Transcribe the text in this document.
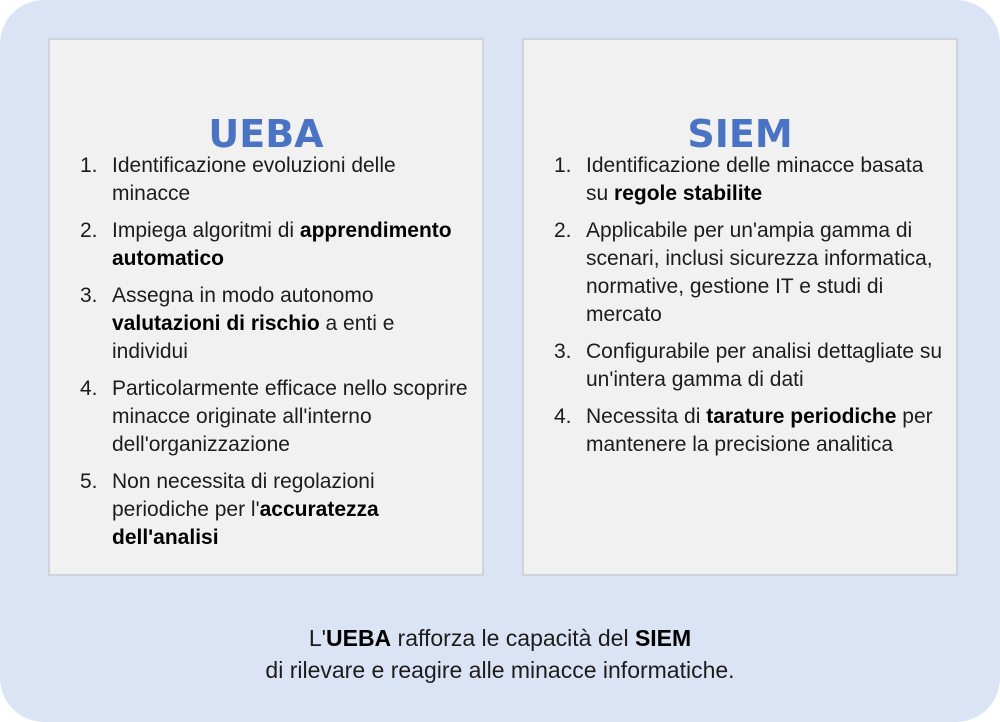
UEBA
1. Identificazione evoluzioni delle minacce
2. Impiega algoritmi di apprendimento automatico
3. Assegna in modo autonomo valutazioni di rischio a enti e individui
4. Particolarmente efficace nello scoprire minacce originate all'interno dell'organizzazione
5. Non necessita di regolazioni periodiche per l'accuratezza dell'analisi
SIEM
1. Identificazione delle minacce basata su regole stabilite
2. Applicabile per un'ampia gamma di scenari, inclusi sicurezza informatica, normative, gestione IT e studi di mercato
3. Configurabile per analisi dettagliate su un'intera gamma di dati
4. Necessita di tarature periodiche per mantenere la precisione analitica
L'UEBA rafforza le capacità del SIEM
di rilevare e reagire alle minacce informatiche.
